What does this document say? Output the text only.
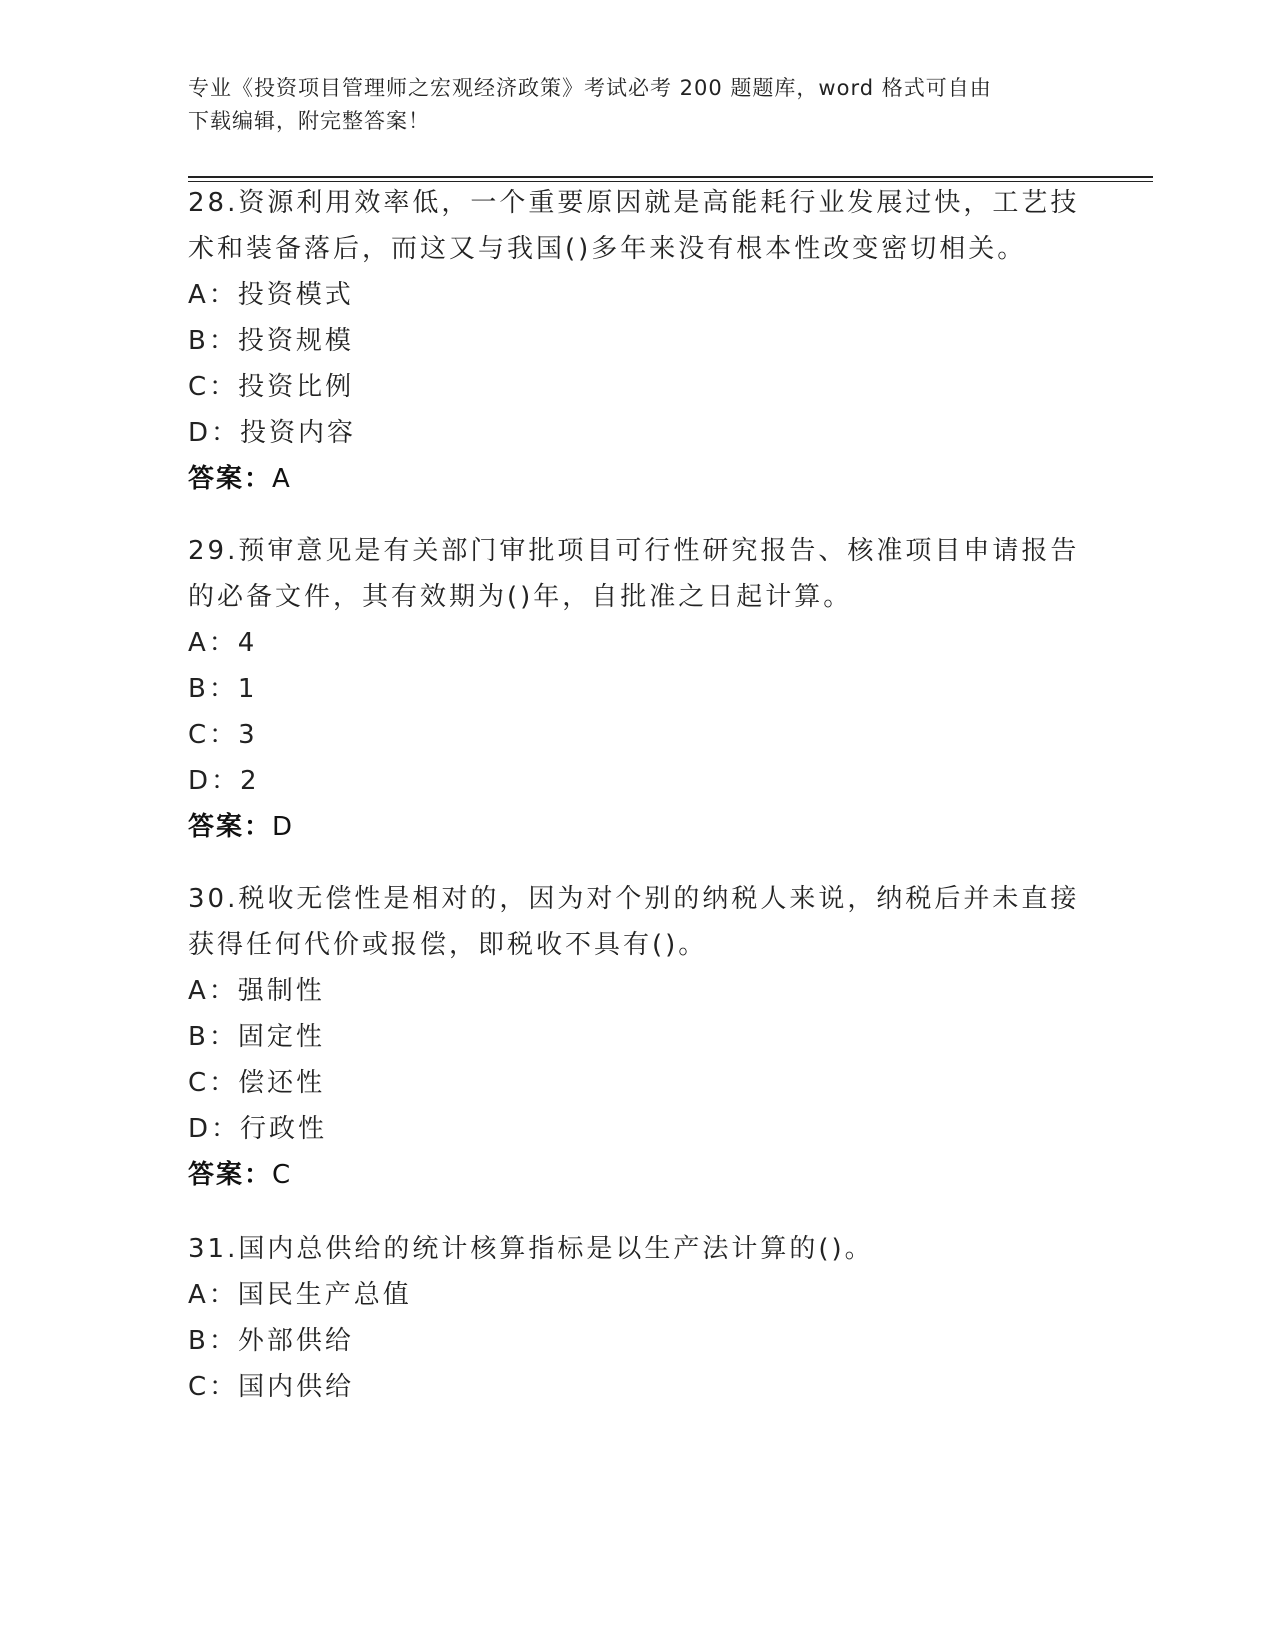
专业《投资项目管理师之宏观经济政策》考试必考 200 题题库，word 格式可自由
下载编辑，附完整答案！

28.资源利用效率低，一个重要原因就是高能耗行业发展过快，工艺技术和装备落后，而这又与我国()多年来没有根本性改变密切相关。

A：投资模式
B：投资规模
C：投资比例
D：投资内容
答案：A

29.预审意见是有关部门审批项目可行性研究报告、核准项目申请报告的必备文件，其有效期为()年，自批准之日起计算。

A：4
B：1
C：3
D：2
答案：D

30.税收无偿性是相对的，因为对个别的纳税人来说，纳税后并未直接获得任何代价或报偿，即税收不具有()。

A：强制性
B：固定性
C：偿还性
D：行政性
答案：C

31.国内总供给的统计核算指标是以生产法计算的()。

A：国民生产总值
B：外部供给
C：国内供给
